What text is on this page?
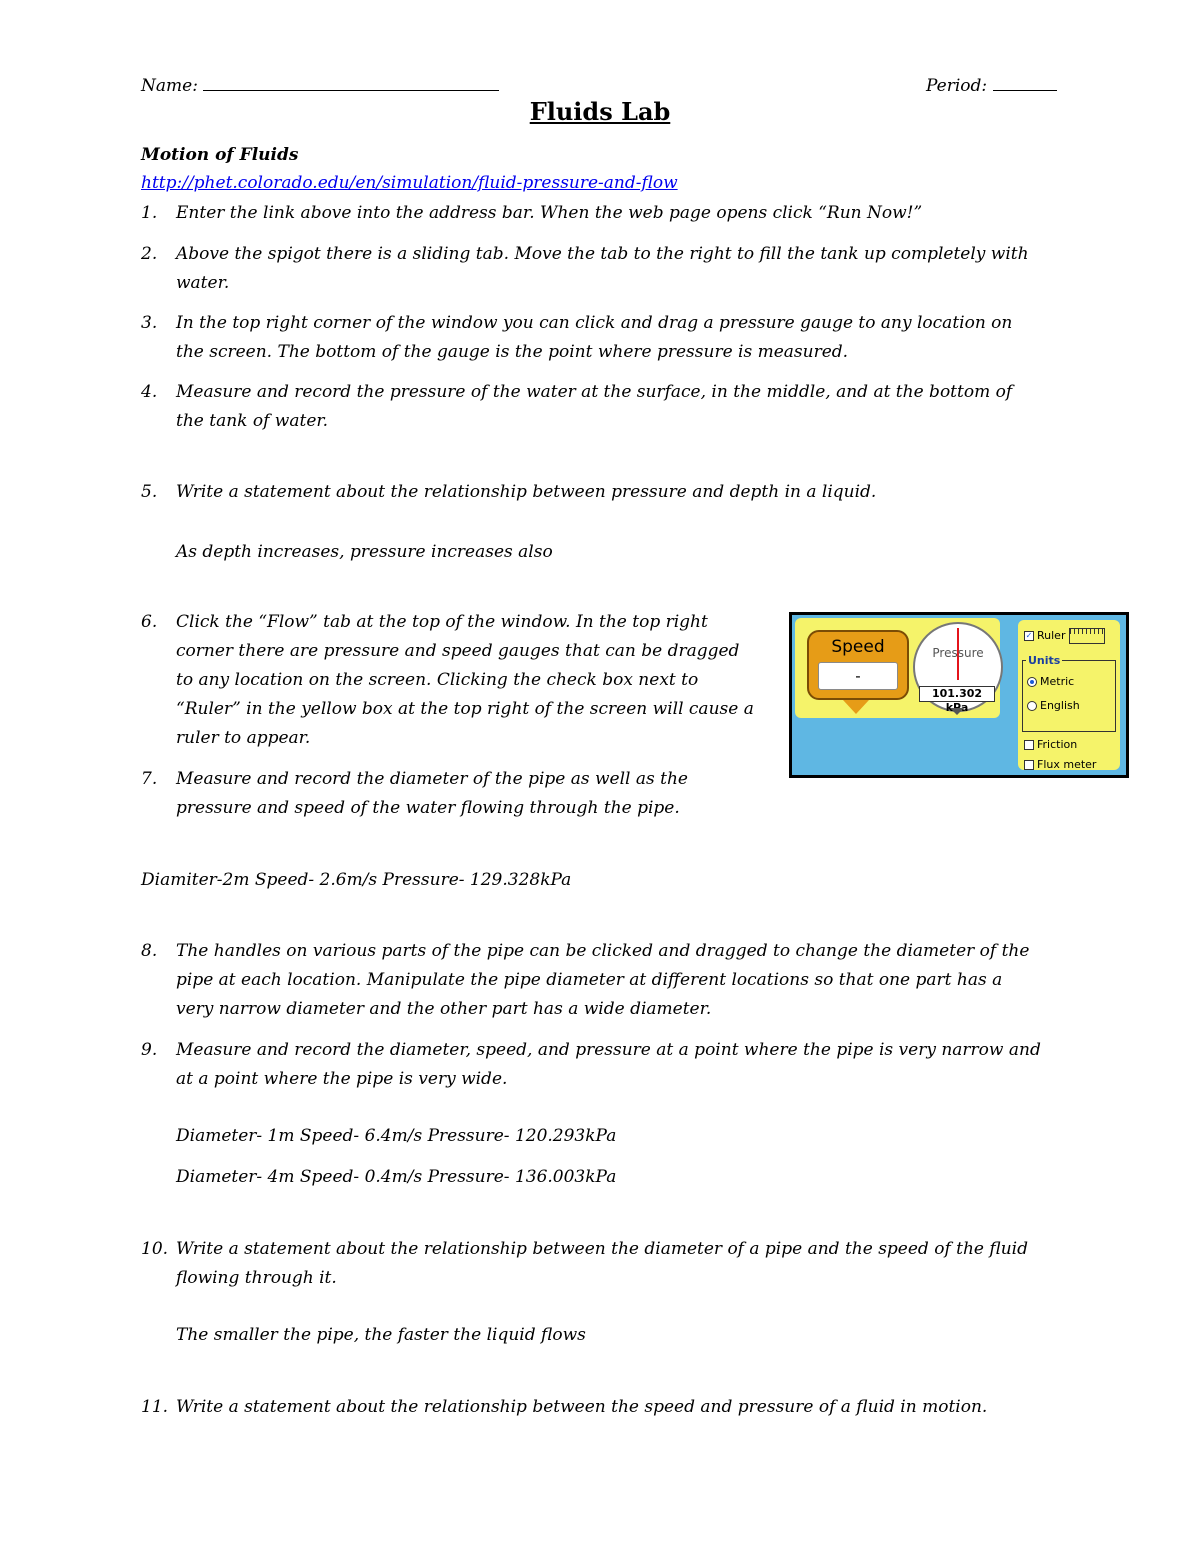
Name:	Period:
Fluids Lab
Motion of Fluids
http://phet.colorado.edu/en/simulation/fluid-pressure-and-flow
1. Enter the link above into the address bar. When the web page opens click “Run Now!”
2. Above the spigot there is a sliding tab. Move the tab to the right to fill the tank up completely with
water.
3. In the top right corner of the window you can click and drag a pressure gauge to any location on
the screen. The bottom of the gauge is the point where pressure is measured.
4. Measure and record the pressure of the water at the surface, in the middle, and at the bottom of
the tank of water.
5. Write a statement about the relationship between pressure and depth in a liquid.
As depth increases, pressure increases also
6. Click the “Flow” tab at the top of the window. In the top right
corner there are pressure and speed gauges that can be dragged
to any location on the screen. Clicking the check box next to
“Ruler” in the yellow box at the top right of the screen will cause a
ruler to appear.
7. Measure and record the diameter of the pipe as well as the
pressure and speed of the water flowing through the pipe.
Diamiter-2m Speed- 2.6m/s Pressure- 129.328kPa
Speed
-
Pressure
101.302 kPa
✓ Ruler
Units
Metric
English
Friction
Flux meter
8. The handles on various parts of the pipe can be clicked and dragged to change the diameter of the
pipe at each location. Manipulate the pipe diameter at different locations so that one part has a
very narrow diameter and the other part has a wide diameter.
9. Measure and record the diameter, speed, and pressure at a point where the pipe is very narrow and
at a point where the pipe is very wide.
Diameter- 1m Speed- 6.4m/s Pressure- 120.293kPa
Diameter- 4m Speed- 0.4m/s Pressure- 136.003kPa
10. Write a statement about the relationship between the diameter of a pipe and the speed of the fluid
flowing through it.
The smaller the pipe, the faster the liquid flows
11. Write a statement about the relationship between the speed and pressure of a fluid in motion.
